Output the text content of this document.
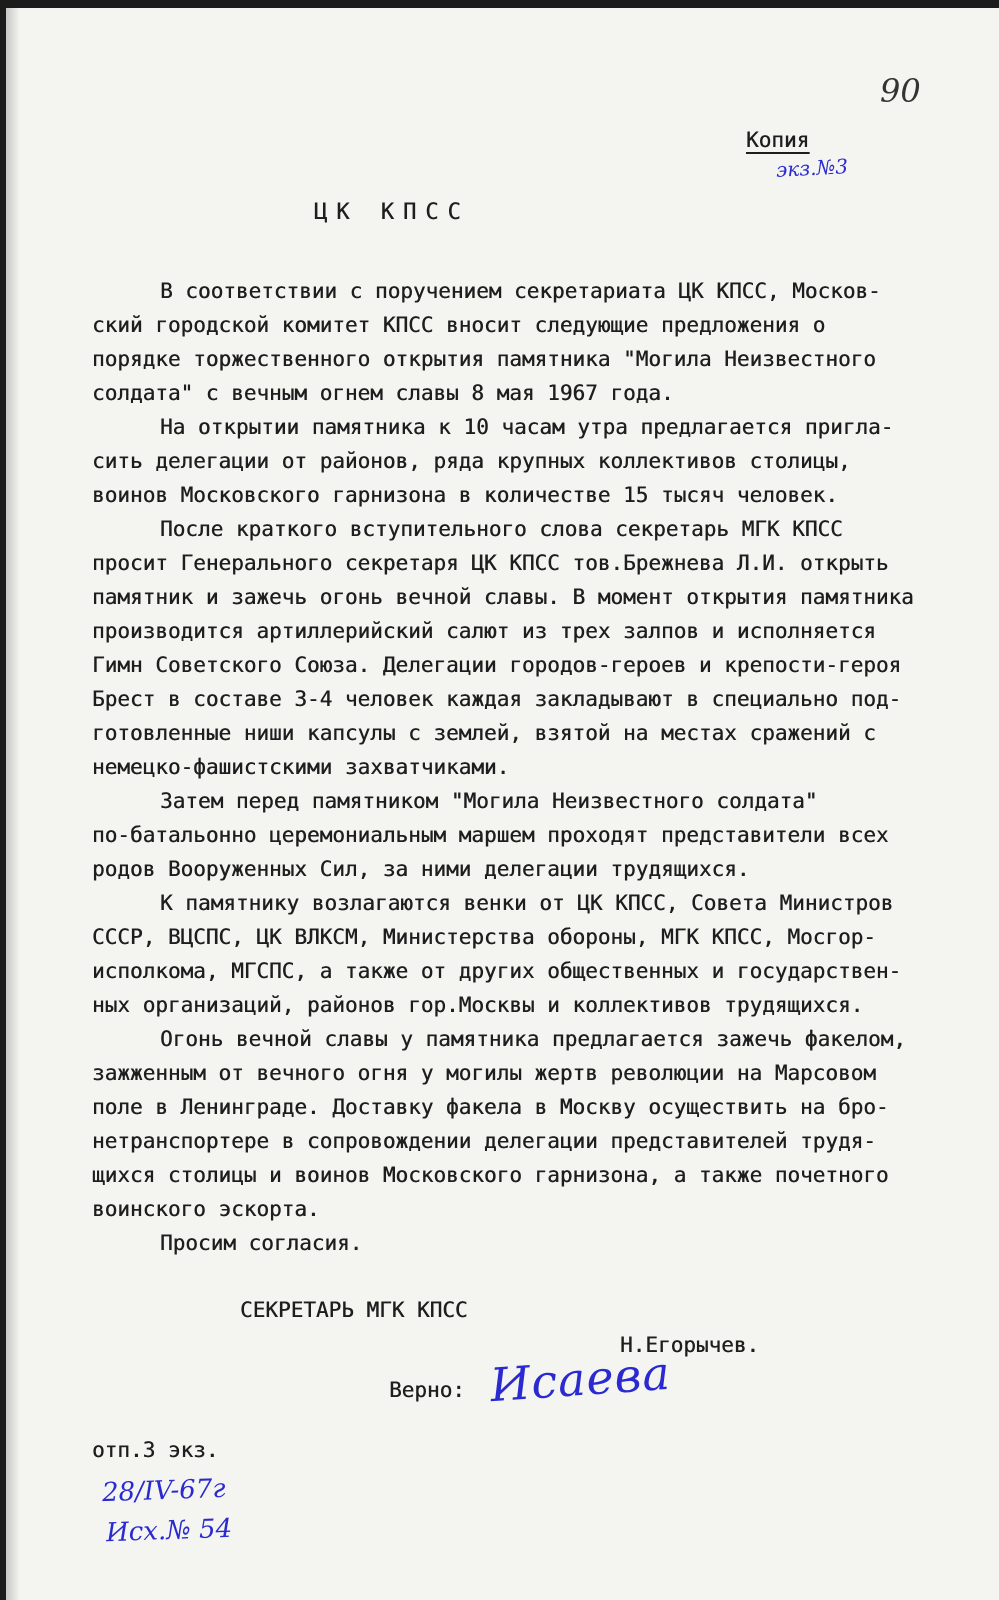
90
Копия
экз.№3
ЦК КПСС
В соответствии с поручением секретариата ЦК КПСС, Москов-
ский городской комитет КПСС вносит следующие предложения о
порядке торжественного открытия памятника "Могила Неизвестного
солдата" с вечным огнем славы 8 мая 1967 года.
На открытии памятника к 10 часам утра предлагается пригла-
сить делегации от районов, ряда крупных коллективов столицы,
воинов Московского гарнизона в количестве 15 тысяч человек.
После краткого вступительного слова секретарь МГК КПСС
просит Генерального секретаря ЦК КПСС тов.Брежнева Л.И. открыть
памятник и зажечь огонь вечной славы. В момент открытия памятника
производится артиллерийский салют из трех залпов и исполняется
Гимн Советского Союза. Делегации городов-героев и крепости-героя
Брест в составе 3-4 человек каждая закладывают в специально под-
готовленные ниши капсулы с землей, взятой на местах сражений с
немецко-фашистскими захватчиками.
Затем перед памятником "Могила Неизвестного солдата"
по-батальонно церемониальным маршем проходят представители всех
родов Вооруженных Сил, за ними делегации трудящихся.
К памятнику возлагаются венки от ЦК КПСС, Совета Министров
СССР, ВЦСПС, ЦК ВЛКСМ, Министерства обороны, МГК КПСС, Мосгор-
исполкома, МГСПС, а также от других общественных и государствен-
ных организаций, районов гор.Москвы и коллективов трудящихся.
Огонь вечной славы у памятника предлагается зажечь факелом,
зажженным от вечного огня у могилы жертв революции на Марсовом
поле в Ленинграде. Доставку факела в Москву осуществить на бро-
нетранспортере в сопровождении делегации представителей трудя-
щихся столицы и воинов Московского гарнизона, а также почетного
воинского эскорта.
Просим согласия.
СЕКРЕТАРЬ МГК КПСС
Н.Егорычев.
Верно: Исаева
отп.3 экз.
28/IV-67г
Исх.№ 54
